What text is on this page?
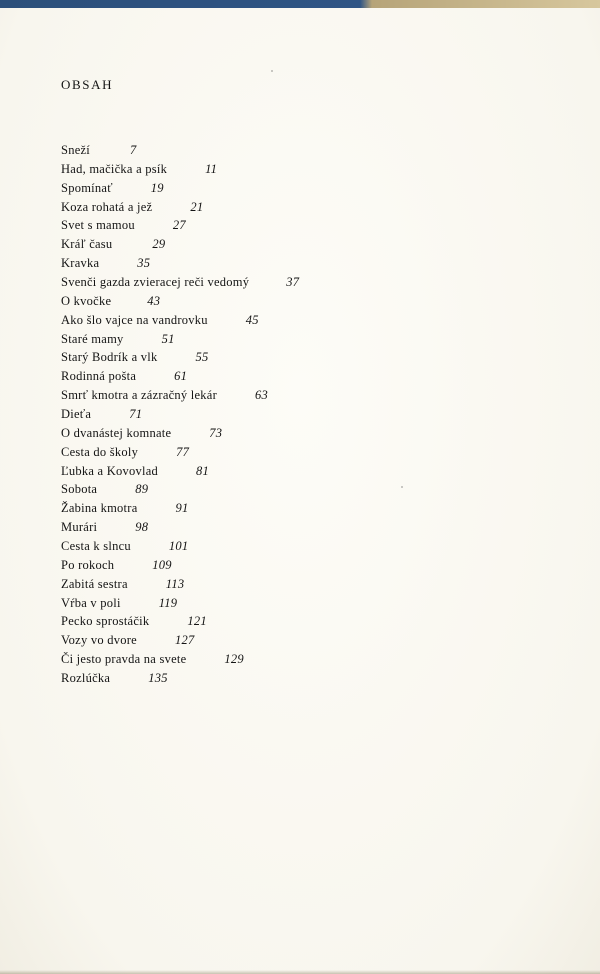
OBSAH
Sneží	7
Had, mačička a psík	11
Spomínať	19
Koza rohatá a jež	21
Svet s mamou	27
Kráľ času	29
Kravka	35
Svenči gazda zvieracej reči vedomý	37
O kvočke	43
Ako šlo vajce na vandrovku	45
Staré mamy	51
Starý Bodrík a vlk	55
Rodinná pošta	61
Smrť kmotra a zázračný lekár	63
Dieťa	71
O dvanástej komnate	73
Cesta do školy	77
Ľubka a Kovovlad	81
Sobota	89
Žabina kmotra	91
Murári	98
Cesta k slncu	101
Po rokoch	109
Zabitá sestra	113
Vŕba v poli	119
Pecko sprostáčik	121
Vozy vo dvore	127
Či jesto pravda na svete	129
Rozlúčka	135
